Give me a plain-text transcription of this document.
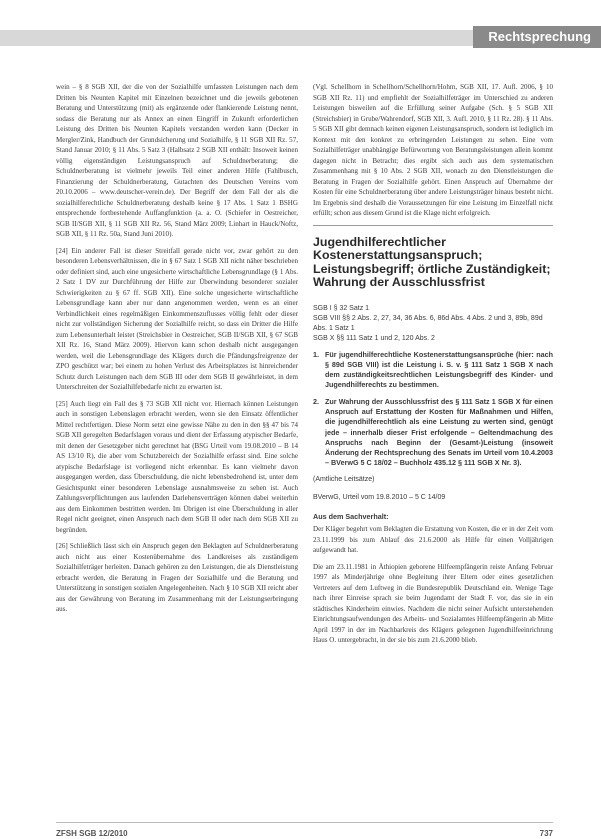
Rechtsprechung

wein – § 8 SGB XII, der die von der Sozialhilfe umfassten Leistungen nach dem Dritten bis Neunten Kapitel mit Einzelnen bezeichnet und die jeweils gebotenen Beratung und Unterstützung (mit) als ergänzende oder flankierende Leistung nennt, sodass die Beratung nur als Annex an einen Eingriff in Zukunft erforderlichen Leistung des Dritten bis Neunten Kapitels verstanden werden kann (Decker in Mergler/Zink, Handbuch der Grundsicherung und Sozialhilfe, § 11 SGB XII Rz. 57, Stand Januar 2010; § 11 Abs. 5 Satz 3 (Halbsatz 2 SGB XII enthält: Insoweit keinen völlig eigenständigen Leistungsanspruch auf Schuldnerberatung; die Schuldnerberatung ist vielmehr jeweils Teil einer anderen Hilfe (Fahlbusch, Finanzierung der Schuldnerberatung, Gutachten des Deutschen Vereins vom 20.10.2006 – www.deutscher-verein.de). Der Begriff der dem Fall der als die sozialhilferechtliche Schuldnerberatung deshalb keine § 17 Abs. 1 Satz 1 BSHG entsprechende fortbestehende Auffangfunktion (a. a. O. (Schiefer in Oestreicher, SGB II/SGB XII, § 11 SGB XII Rz. 56, Stand März 2009; Linhart in Hauck/Noftz, SGB XII, § 11 Rz. 50a, Stand Juni 2010).

[24] Ein anderer Fall ist dieser Streitfall gerade nicht vor, zwar gehört zu den besonderen Lebensverhältnissen, die in § 67 Satz 1 SGB XII nicht näher beschrieben oder definiert sind, auch eine ungesicherte wirtschaftliche Lebensgrundlage (§ 1 Abs. 2 Satz 1 DV zur Durchführung der Hilfe zur Überwindung besonderer sozialer Schwierigkeiten zu § 67 ff. SGB XII). Eine solche ungesicherte wirtschaftliche Lebensgrundlage kann aber nur dann angenommen werden, wenn es an einer Verbindlichkeit eines regelmäßigen Einkommenszuflusses völlig fehlt oder dieser nicht zur vollständigen Sicherung der Sozialhilfe reicht, so dass ein Dritter die Hilfe zum Lebensunterhalt leistet (Streichsbier in Oestreicher, SGB II/SGB XII, § 67 SGB XII Rz. 16, Stand März 2009). Hiervon kann schon deshalb nicht ausgegangen werden, weil die Lebensgrundlage des Klägers durch die Pfändungsfreigrenze der ZPO geschützt war; bei einem zu hohen Verlust des Arbeitsplatzes ist hinreichender Schutz durch Leistungen nach dem SGB III oder dem SGB II gewährleistet, in dem Unterschreiten der Sozialhilfebedarfe nicht zu erwarten ist.

[25] Auch liegt ein Fall des § 73 SGB XII nicht vor. Hiernach können Leistungen auch in sonstigen Lebenslagen erbracht werden, wenn sie den Einsatz öffentlicher Mittel rechtfertigen. Diese Norm setzt eine gewisse Nähe zu den in den §§ 47 bis 74 SGB XII geregelten Bedarfslagen voraus und dient der Erfassung atypischer Bedarfe, mit denen der Gesetzgeber nicht gerechnet hat (BSG Urteil vom 19.08.2010 – B 14 AS 13/10 R), die aber vom Schutzbereich der Sozialhilfe erfasst sind. Eine solche atypische Bedarfslage ist vorliegend nicht erkennbar. Es kann vielmehr davon ausgegangen werden, dass Überschuldung, die nicht lebensbedrohend ist, unter dem Gesichtspunkt einer besonderen Lebenslage ausnahmsweise zu sehen ist. Auch Zahlungsverpflichtungen aus laufenden Darlehensverträgen können dabei weiterhin aus dem Einkommen bestritten werden. Im Übrigen ist eine Überschuldung in aller Regel nicht geeignet, einen Anspruch nach dem SGB II oder nach dem SGB XII zu begründen.

[26] Schließlich lässt sich ein Anspruch gegen den Beklagten auf Schuldnerberatung auch nicht aus einer Kostenübernahme des Landkreises als zuständigem Sozialhilfeträger herleiten. Danach gehören zu den Leistungen, die als Dienstleistung erbracht werden, die Beratung in Fragen der Sozialhilfe und die Beratung und Unterstützung in sonstigen sozialen Angelegenheiten. Nach § 10 SGB XII reicht aber aus der Gewährung von Beratung im Zusammenhang mit der Leistungserbringung aus.

(Vgl. Schellhorn in Schellhorn/Schellhorn/Hohm, SGB XII, 17. Aufl. 2006, § 10 SGB XII Rz. 11) und empfiehlt der Sozialhilfeträger im Unterschied zu anderen Leistungen bisweilen auf die Erfüllung seiner Aufgabe (Sch. § 5 SGB XII (Streichsbier) in Grube/Wahrendorf, SGB XII, 3. Aufl. 2010, § 11 Rz. 28). § 11 Abs. 5 SGB XII gibt demnach keinen eigenen Leistungsanspruch, sondern ist lediglich im Kontext mit den konkret zu erbringenden Leistungen zu sehen. Eine vom Sozialhilfeträger unabhängige Befürwortung von Beratungsleistungen allein kommt dagegen nicht in Betracht; dies ergibt sich auch aus dem systematischen Zusammenhang mit § 10 Abs. 2 SGB XII, wonach zu den Dienstleistungen die Beratung in Fragen der Sozialhilfe gehört. Einen Anspruch auf Übernahme der Kosten für eine Schuldnerberatung über andere Leistungsträger hinaus besteht nicht. Im Ergebnis sind deshalb die Voraussetzungen für eine Leistung im Einzelfall nicht erfüllt; schon aus diesem Grund ist die Klage nicht erfolgreich.

Jugendhilferechtlicher Kostenerstattungsanspruch; Leistungsbegriff; örtliche Zuständigkeit; Wahrung der Ausschlussfrist
SGB I § 32 Satz 1
SGB VIII §§ 2 Abs. 2, 27, 34, 36 Abs. 6, 86d Abs. 4 Abs. 2 und 3, 89b, 89d Abs. 1 Satz 1
SGB X §§ 111 Satz 1 und 2, 120 Abs. 2
1. Für jugendhilferechtliche Kostenerstattungsansprüche (hier: nach § 89d SGB VIII) ist die Leistung i. S. v. § 111 Satz 1 SGB X nach dem zuständigkeitsrechtlichen Leistungsbegriff des Kinder- und Jugendhilferechts zu bestimmen.
2. Zur Wahrung der Ausschlussfrist des § 111 Satz 1 SGB X für einen Anspruch auf Erstattung der Kosten für Maßnahmen und Hilfen, die jugendhilferechtlich als eine Leistung zu werten sind, genügt jede – innerhalb dieser Frist erfolgende – Geltendmachung des Anspruchs nach Beginn der (Gesamt-)Leistung (insoweit Änderung der Rechtsprechung des Senats im Urteil vom 10.4.2003 – BVerwG 5 C 18/02 – Buchholz 435.12 § 111 SGB X Nr. 3).
(Amtliche Leitsätze)
BVerwG, Urteil vom 19.8.2010 – 5 C 14/09
Aus dem Sachverhalt:

Der Kläger begehrt vom Beklagten die Erstattung von Kosten, die er in der Zeit vom 23.11.1999 bis zum Ablauf des 21.6.2000 als Hilfe für einen Volljährigen aufgewandt hat.

Die am 23.11.1981 in Äthiopien geborene Hilfeempfängerin reiste Anfang Februar 1997 als Minderjährige ohne Begleitung ihrer Eltern oder eines gesetzlichen Vertreters auf dem Luftweg in die Bundesrepublik Deutschland ein. Wenige Tage nach ihrer Einreise sprach sie beim Jugendamt der Stadt F. vor, das sie in ein städtisches Kinderheim einwies. Nachdem die nicht seiner Aufsicht unterstehenden Einrichtungsaufwendungen des Arbeits- und Sozialamtes Hilfeempfängerin ab Mitte April 1997 in der im Nachbarkreis des Klägers gelegenen Jugendhilfeeinrichtung Haus O. untergebracht, in der sie bis zum 21.6.2000 blieb.

ZFSH SGB 12/2010	737
